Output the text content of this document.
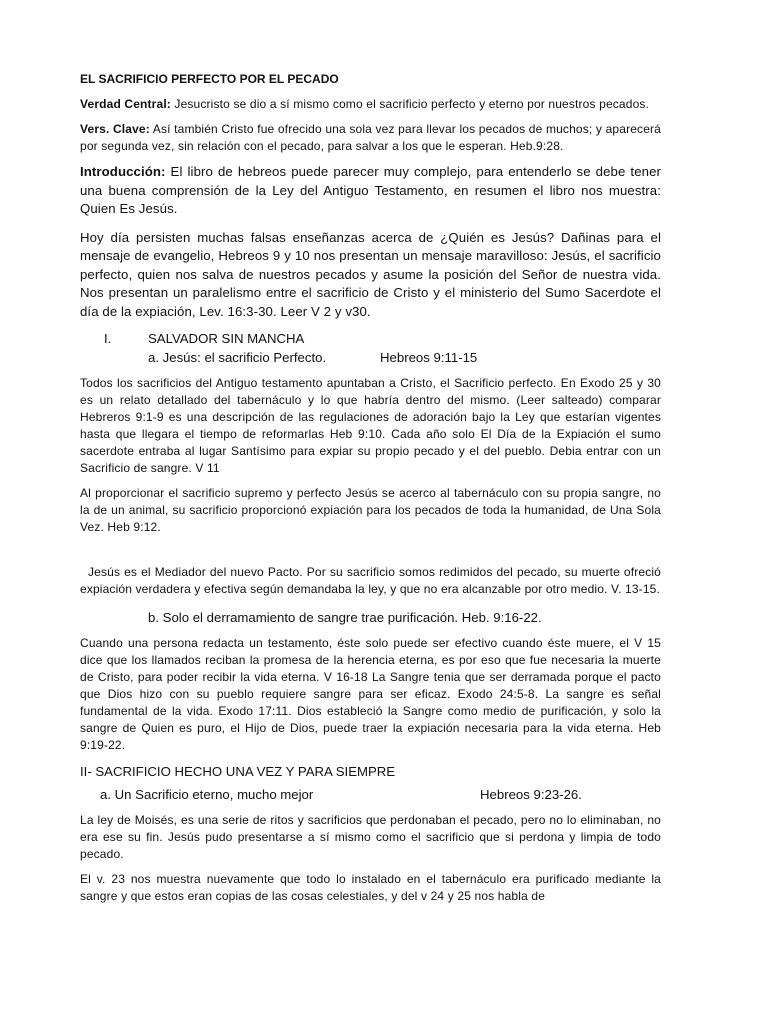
EL SACRIFICIO PERFECTO POR EL PECADO

Verdad Central: Jesucristo se dio a sí mismo como el sacrificio perfecto y eterno por nuestros pecados.

Vers. Clave: Así también Cristo fue ofrecido una sola vez para llevar los pecados de muchos; y aparecerá por segunda vez, sin relación con el pecado, para salvar a los que le esperan. Heb.9:28.

Introducción: El libro de hebreos puede parecer muy complejo, para entenderlo se debe tener una buena comprensión de la Ley del Antiguo Testamento, en resumen el libro nos muestra: Quien Es Jesús.

Hoy día persisten muchas falsas enseñanzas acerca de ¿Quién es Jesús? Dañinas para el mensaje de evangelio, Hebreos 9 y 10 nos presentan un mensaje maravilloso: Jesús, el sacrificio perfecto, quien nos salva de nuestros pecados y asume la posición del Señor de nuestra vida. Nos presentan un paralelismo entre el sacrificio de Cristo y el ministerio del Sumo Sacerdote el día de la expiación, Lev. 16:3-30. Leer V 2 y v30.

I.	SALVADOR SIN MANCHA
a. Jesús: el sacrificio Perfecto.	Hebreos 9:11-15

Todos los sacrificios del Antiguo testamento apuntaban a Cristo, el Sacrificio perfecto. En Exodo 25 y 30 es un relato detallado del tabernáculo y lo que habría dentro del mismo. (Leer salteado) comparar Hebreros 9:1-9 es una descripción de las regulaciones de adoración bajo la Ley que estarían vigentes hasta que llegara el tiempo de reformarlas Heb 9:10. Cada año solo El Día de la Expiación el sumo sacerdote entraba al lugar Santísimo para expiar su propio pecado y el del pueblo. Debia entrar con un Sacrificio de sangre. V 11

Al proporcionar el sacrificio supremo y perfecto Jesús se acerco al tabernáculo con su propia sangre, no la de un animal, su sacrificio proporcionó expiación para los pecados de toda la humanidad, de Una Sola Vez. Heb 9:12.

Jesús es el Mediador del nuevo Pacto. Por su sacrificio somos redimidos del pecado, su muerte ofreció expiación verdadera y efectiva según demandaba la ley, y que no era alcanzable por otro medio. V. 13-15.

b. Solo el derramamiento de sangre trae purificación. Heb. 9:16-22.

Cuando una persona redacta un testamento, éste solo puede ser efectivo cuando éste muere, el V 15 dice que los llamados reciban la promesa de la herencia eterna, es por eso que fue necesaria la muerte de Cristo, para poder recibir la vida eterna. V 16-18 La Sangre tenia que ser derramada porque el pacto que Dios hizo con su pueblo requiere sangre para ser eficaz. Exodo 24:5-8. La sangre es señal fundamental de la vida. Exodo 17:11. Dios estableció la Sangre como medio de purificación, y solo la sangre de Quien es puro, el Hijo de Dios, puede traer la expiación necesaria para la vida eterna. Heb 9:19-22.

II- SACRIFICIO HECHO UNA VEZ Y PARA SIEMPRE
a. Un Sacrificio eterno, mucho mejor	Hebreos 9:23-26.

La ley de Moisés, es una serie de ritos y sacrificios que perdonaban el pecado, pero no lo eliminaban, no era ese su fin. Jesús pudo presentarse a sí mismo como el sacrificio que si perdona y limpia de todo pecado.

El v. 23 nos muestra nuevamente que todo lo instalado en el tabernáculo era purificado mediante la sangre y que estos eran copias de las cosas celestiales, y del v 24 y 25 nos habla de
